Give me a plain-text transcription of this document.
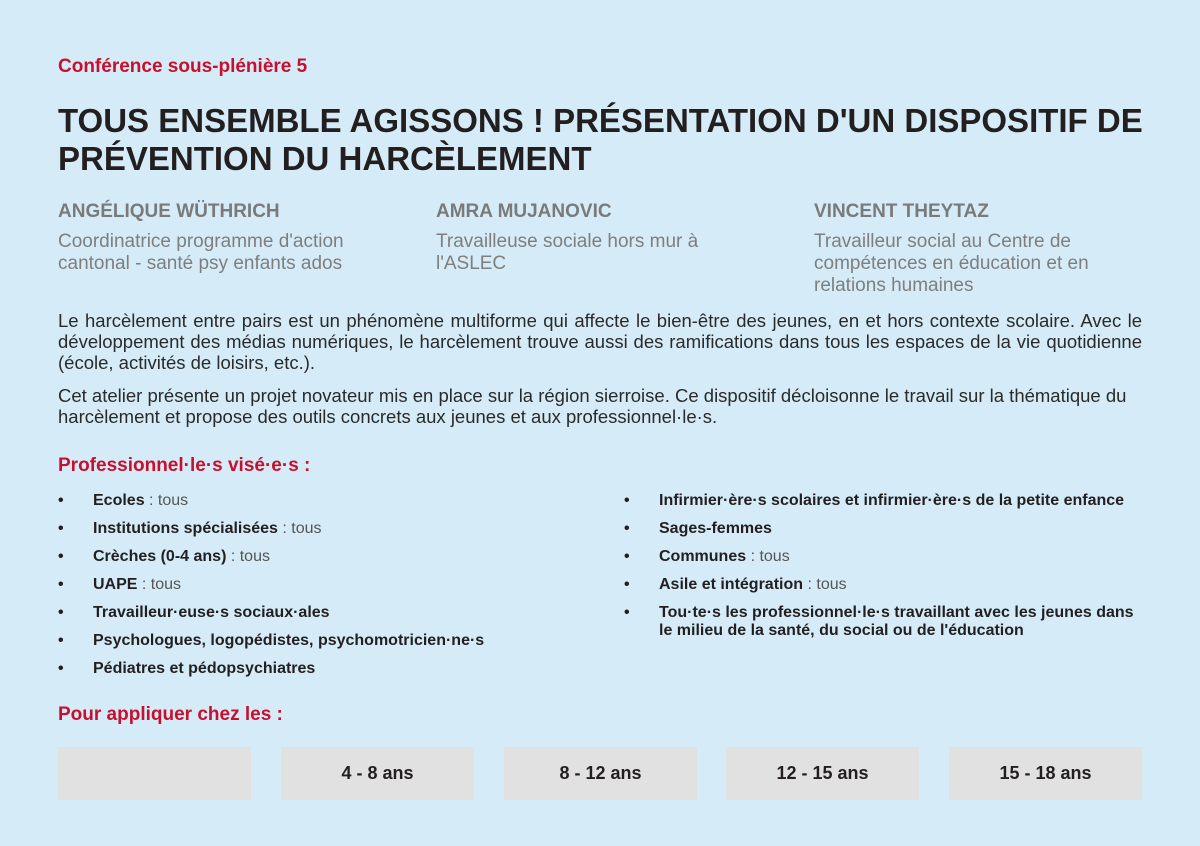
Conférence sous-plénière 5
TOUS ENSEMBLE AGISSONS ! PRÉSENTATION D'UN DISPOSITIF DE PRÉVENTION DU HARCÈLEMENT
ANGÉLIQUE WÜTHRICH
Coordinatrice programme d'action cantonal - santé psy enfants ados
AMRA MUJANOVIC
Travailleuse sociale hors mur à l'ASLEC
VINCENT THEYTAZ
Travailleur social au Centre de compétences en éducation et en relations humaines

Le harcèlement entre pairs est un phénomène multiforme qui affecte le bien-être des jeunes, en et hors contexte scolaire. Avec le développement des médias numériques, le harcèlement trouve aussi des ramifications dans tous les espaces de la vie quotidienne (école, activités de loisirs, etc.).

Cet atelier présente un projet novateur mis en place sur la région sierroise. Ce dispositif décloisonne le travail sur la thématique du harcèlement et propose des outils concrets aux jeunes et aux professionnel·le·s.

Professionnel·le·s visé·e·s :
• Ecoles : tous
• Institutions spécialisées : tous
• Crèches (0-4 ans) : tous
• UAPE : tous
• Travailleur·euse·s sociaux·ales
• Psychologues, logopédistes, psychomotricien·ne·s
• Pédiatres et pédopsychiatres
• Infirmier·ère·s scolaires et infirmier·ère·s de la petite enfance
• Sages-femmes
• Communes : tous
• Asile et intégration : tous
• Tou·te·s les professionnel·le·s travaillant avec les jeunes dans le milieu de la santé, du social ou de l'éducation
Pour appliquer chez les :
4 - 8 ans	8 - 12 ans	12 - 15 ans	15 - 18 ans
